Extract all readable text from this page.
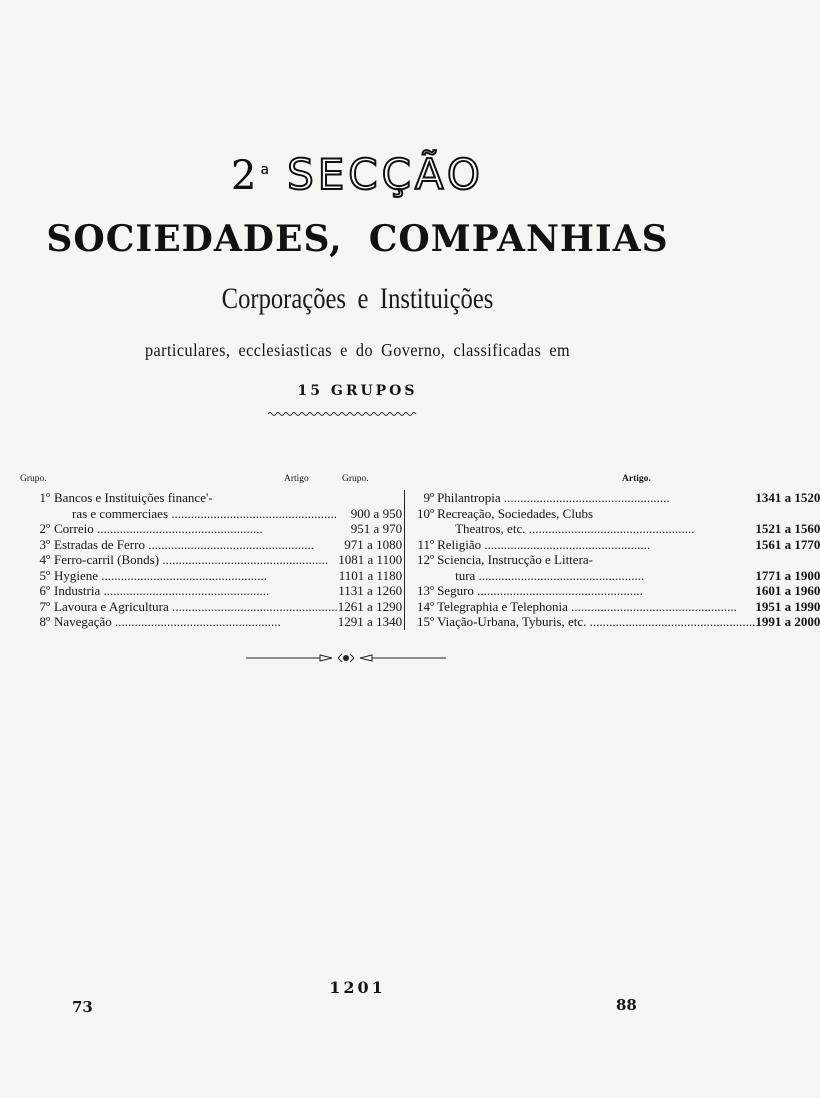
2$^a$ SECÇÃO
SOCIEDADES, COMPANHIAS
Corporações e Instituições
particulares, ecclesiasticas e do Governo, classificadas em
15 GRUPOS
Grupo.	Artigo	Grupo.	Artigo.
1º Bancos e Instituições finance'-		9º Philantropia .....	1341 a 1520
ras e commerciaes .....	900 a 950	10º Recreação, Sociedades, Clubs	
2º Correio .....	951 a 970	Theatros, etc. .....	1521 a 1560
3º Estradas de Ferro .....	971 a 1080	11º Religião .....	1561 a 1770
4º Ferro-carril (Bonds) .....	1081 a 1100	12º Sciencia, Instrucção e Littera-	
5º Hygiene .....	1101 a 1180	tura .....	1771 a 1900
6º Industria .....	1131 a 1260	13º Seguro .....	1601 a 1960
7º Lavoura e Agricultura .....	1261 a 1290	14º Telegraphia e Telephonia .....	1951 a 1990
8º Navegação .....	1291 a 1340	15º Viação-Urbana, Tyburis, etc. .....	1991 a 2000
1201
73	88
